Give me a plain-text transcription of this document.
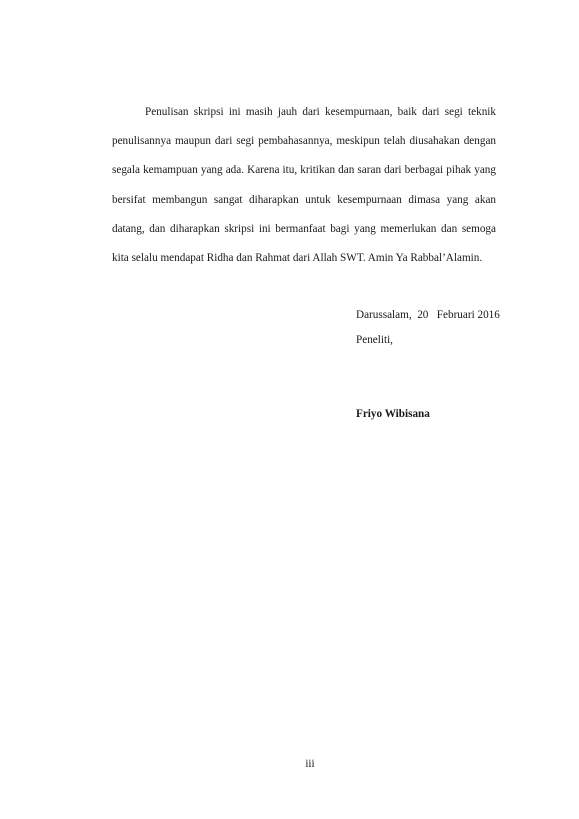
Penulisan skripsi ini masih jauh dari kesempurnaan, baik dari segi teknik penulisannya maupun dari segi pembahasannya, meskipun telah diusahakan dengan segala kemampuan yang ada. Karena itu, kritikan dan saran dari berbagai pihak yang bersifat membangun sangat diharapkan untuk kesempurnaan dimasa yang akan datang, dan diharapkan skripsi ini bermanfaat bagi yang memerlukan dan semoga kita selalu mendapat Ridha dan Rahmat dari Allah SWT. Amin Ya Rabbal’Alamin.

Darussalam,  20   Februari 2016
Peneliti,
Friyo Wibisana
iii
